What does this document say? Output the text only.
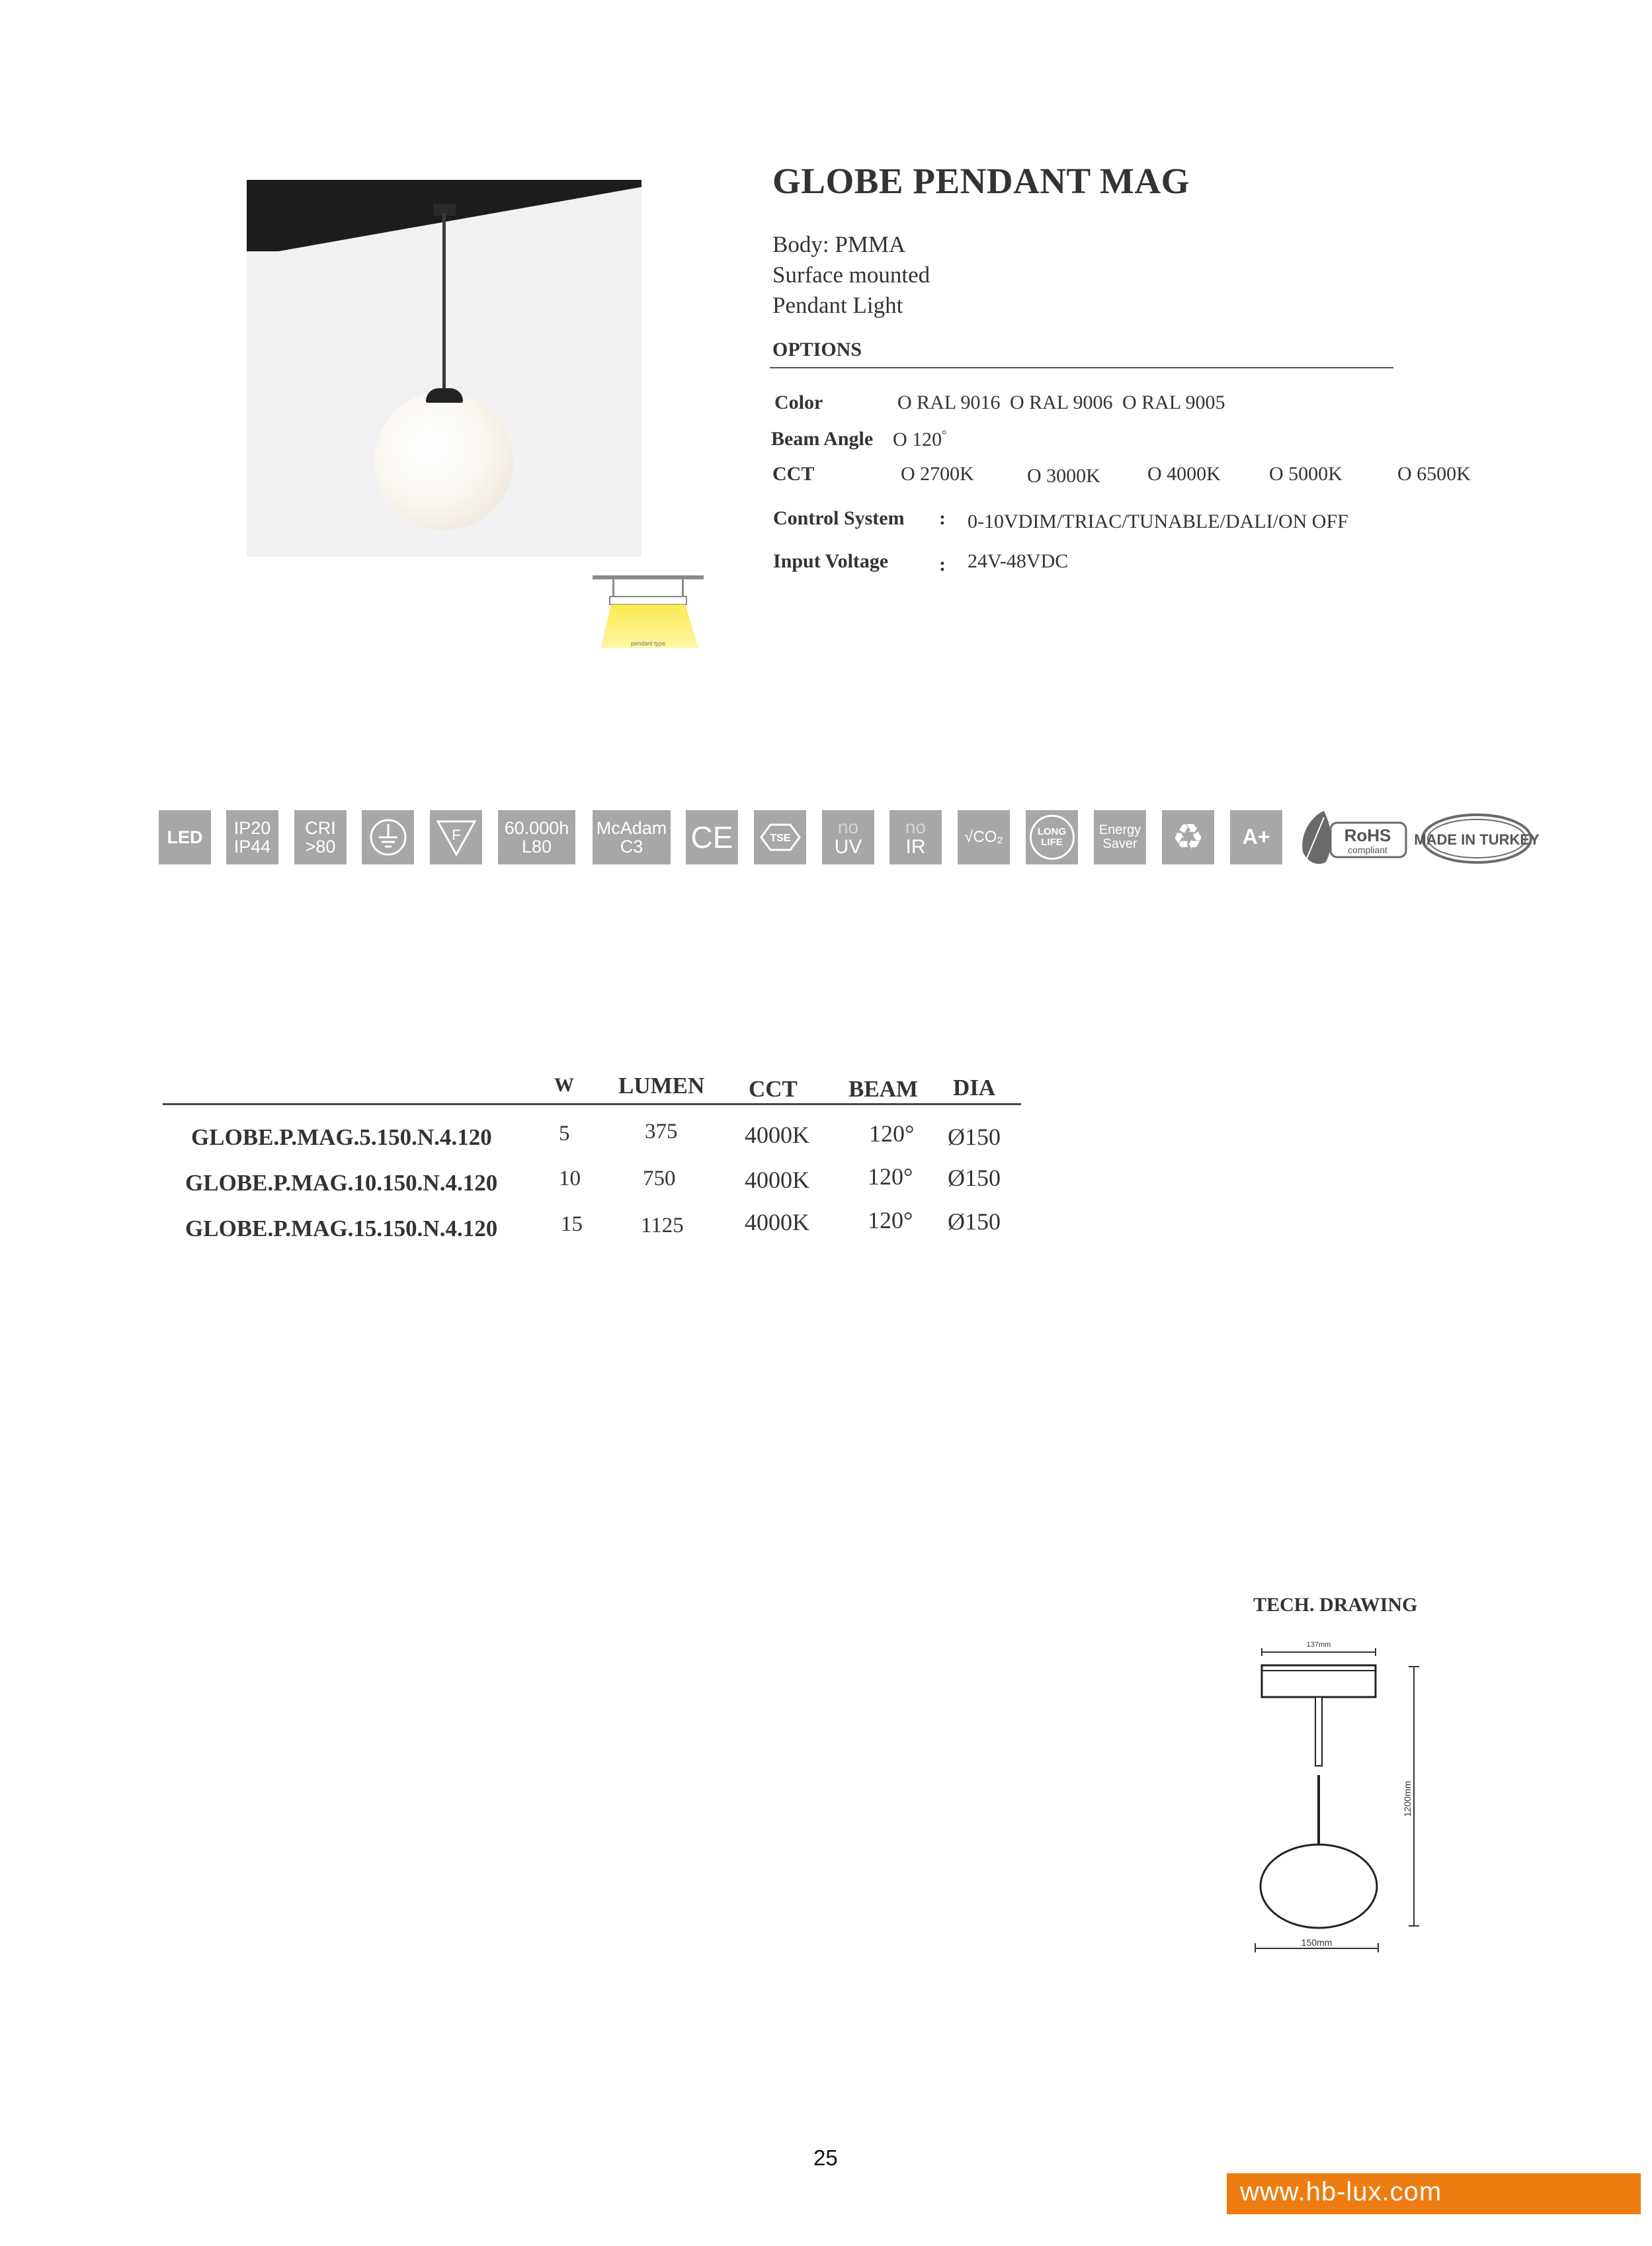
pendant type
GLOBE PENDANT MAG
Body: PMMA
Surface mounted
Pendant Light
OPTIONS
Color	O RAL 9016 O RAL 9006 O RAL 9005
Beam Angle O 120°
CCT	O 2700K	O 3000K O 4000K O 5000K	O 6500K
Control System : 0-10VDIM/TRIAC/TUNABLE/DALI/ON OFF
Input Voltage	: 24V-48VDC
LED IP20
IP44
CRI
>80
F 60.000h
L80
McAdam
C3 CE	TSE
no
UV
no
IR √CO₂	LONG
LIFE
Energy
Saver ♻ A+	RoHS
compliant
MADE IN TURKEY
W LUMEN CCT BEAM DIA
GLOBE.P.MAG.5.150.N.4.120	5	375	4000K	120° Ø150
GLOBE.P.MAG.10.150.N.4.120	10	750	4000K 120° Ø150
GLOBE.P.MAG.15.150.N.4.120	15	1125	4000K 120° Ø150
TECH. DRAWING
137mm
1200mm
150mm
25
www.hb-lux.com
